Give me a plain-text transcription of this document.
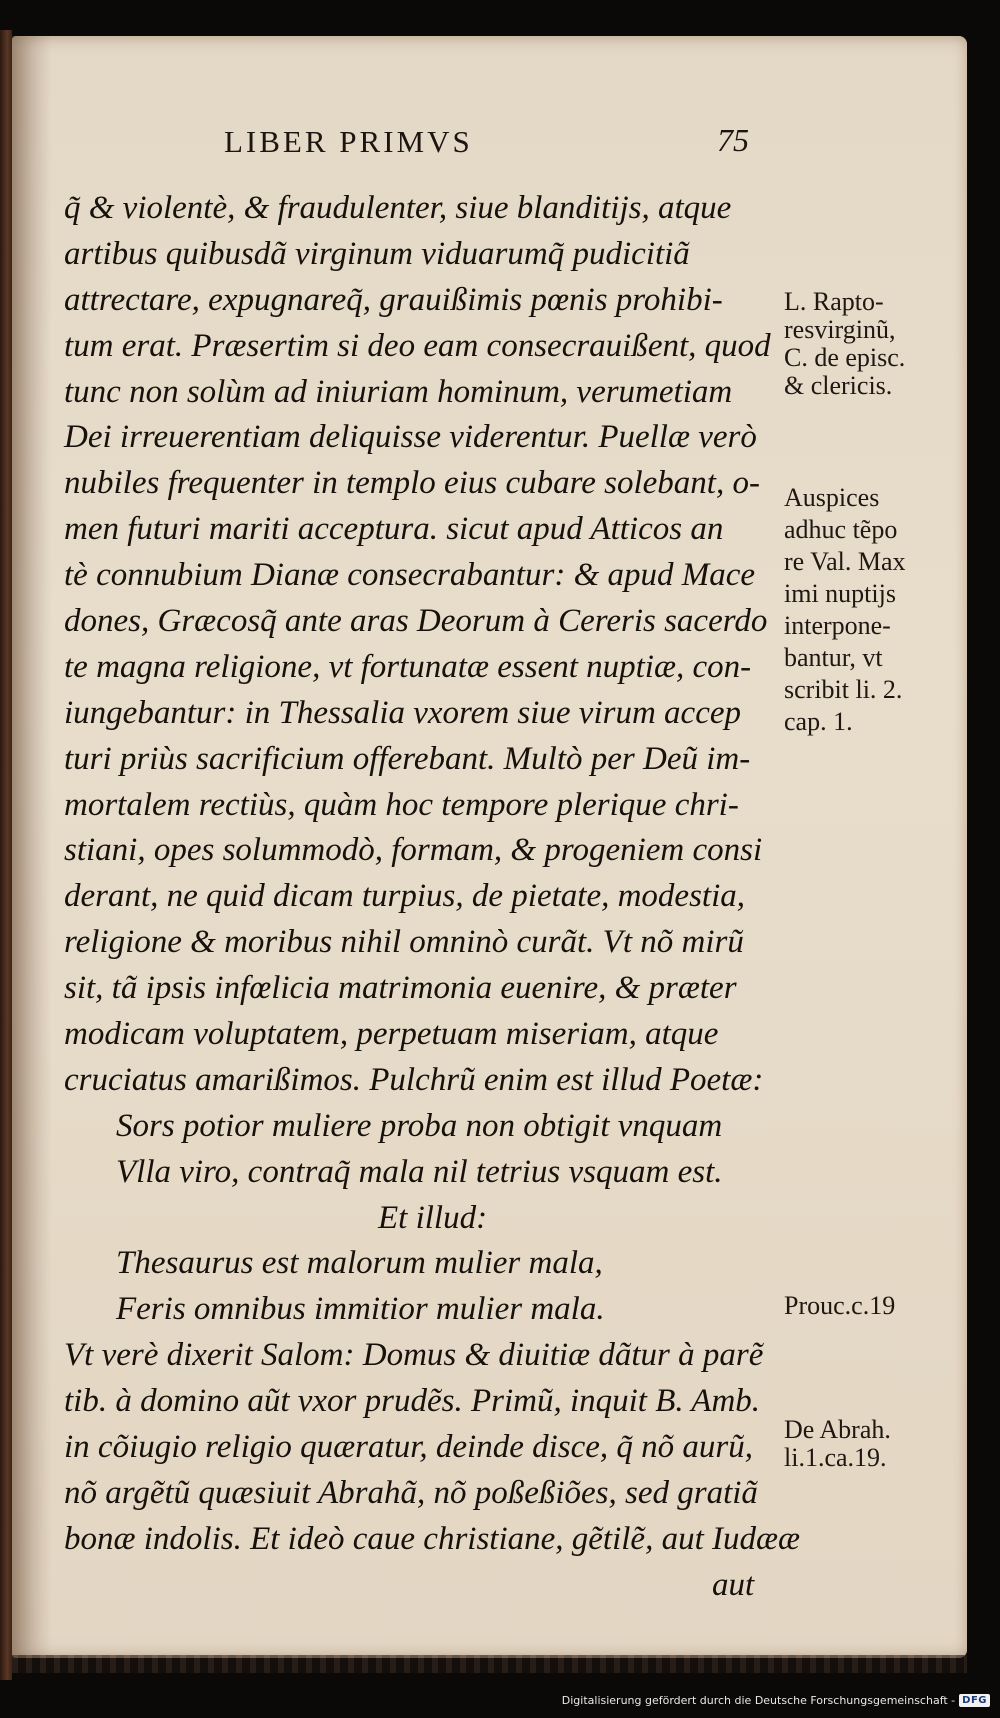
LIBER PRIMVS	75
q̃ & violentè, & fraudulenter, siue blanditijs, atque
artibus quibusdã virginum viduarumq̃ pudicitiã
attrectare, expugnareq̃, grauißimis pœnis prohibi-
tum erat. Præsertim si deo eam consecrauißent, quod
tunc non solùm ad iniuriam hominum, verumetiam
Dei irreuerentiam deliquisse viderentur. Puellæ verò
nubiles frequenter in templo eius cubare solebant, o-
men futuri mariti acceptura. sicut apud Atticos an
tè connubium Dianæ consecrabantur: & apud Mace
dones, Græcosq̃ ante aras Deorum à Cereris sacerdo
te magna religione, vt fortunatæ essent nuptiæ, con-
iungebantur: in Thessalia vxorem siue virum accep
turi priùs sacrificium offerebant. Multò per Deũ im-
mortalem rectiùs, quàm hoc tempore plerique chri-
stiani, opes solummodò, formam, & progeniem consi
derant, ne quid dicam turpius, de pietate, modestia,
religione & moribus nihil omninò curãt. Vt nõ mirũ
sit, tã ipsis infœlicia matrimonia euenire, & præter
modicam voluptatem, perpetuam miseriam, atque
cruciatus amarißimos. Pulchrũ enim est illud Poetæ:
Sors potior muliere proba non obtigit vnquam
Vlla viro, contraq̃ mala nil tetrius vsquam est.
Et illud:
Thesaurus est malorum mulier mala,
Feris omnibus immitior mulier mala.
Vt verè dixerit Salom: Domus & diuitiæ dãtur à parẽ
tib. à domino aũt vxor prudẽs. Primũ, inquit B. Amb.
in cõiugio religio quæratur, deinde disce, q̃ nõ aurũ,
nõ argẽtũ quæsiuit Abrahã, nõ poßeßiões, sed gratiã
bonæ indolis. Et ideò caue christiane, gẽtilẽ, aut Iudææ
aut
L. Rapto-
resvirginũ,
C. de episc.
& clericis.
Auspices
adhuc tẽpo
re Val. Max
imi nuptijs
interpone-
bantur, vt
scribit li. 2.
cap. 1.
Prouc.c.19
De Abrah.
li.1.ca.19.
Digitalisierung gefördert durch die Deutsche Forschungsgemeinschaft - DFG
